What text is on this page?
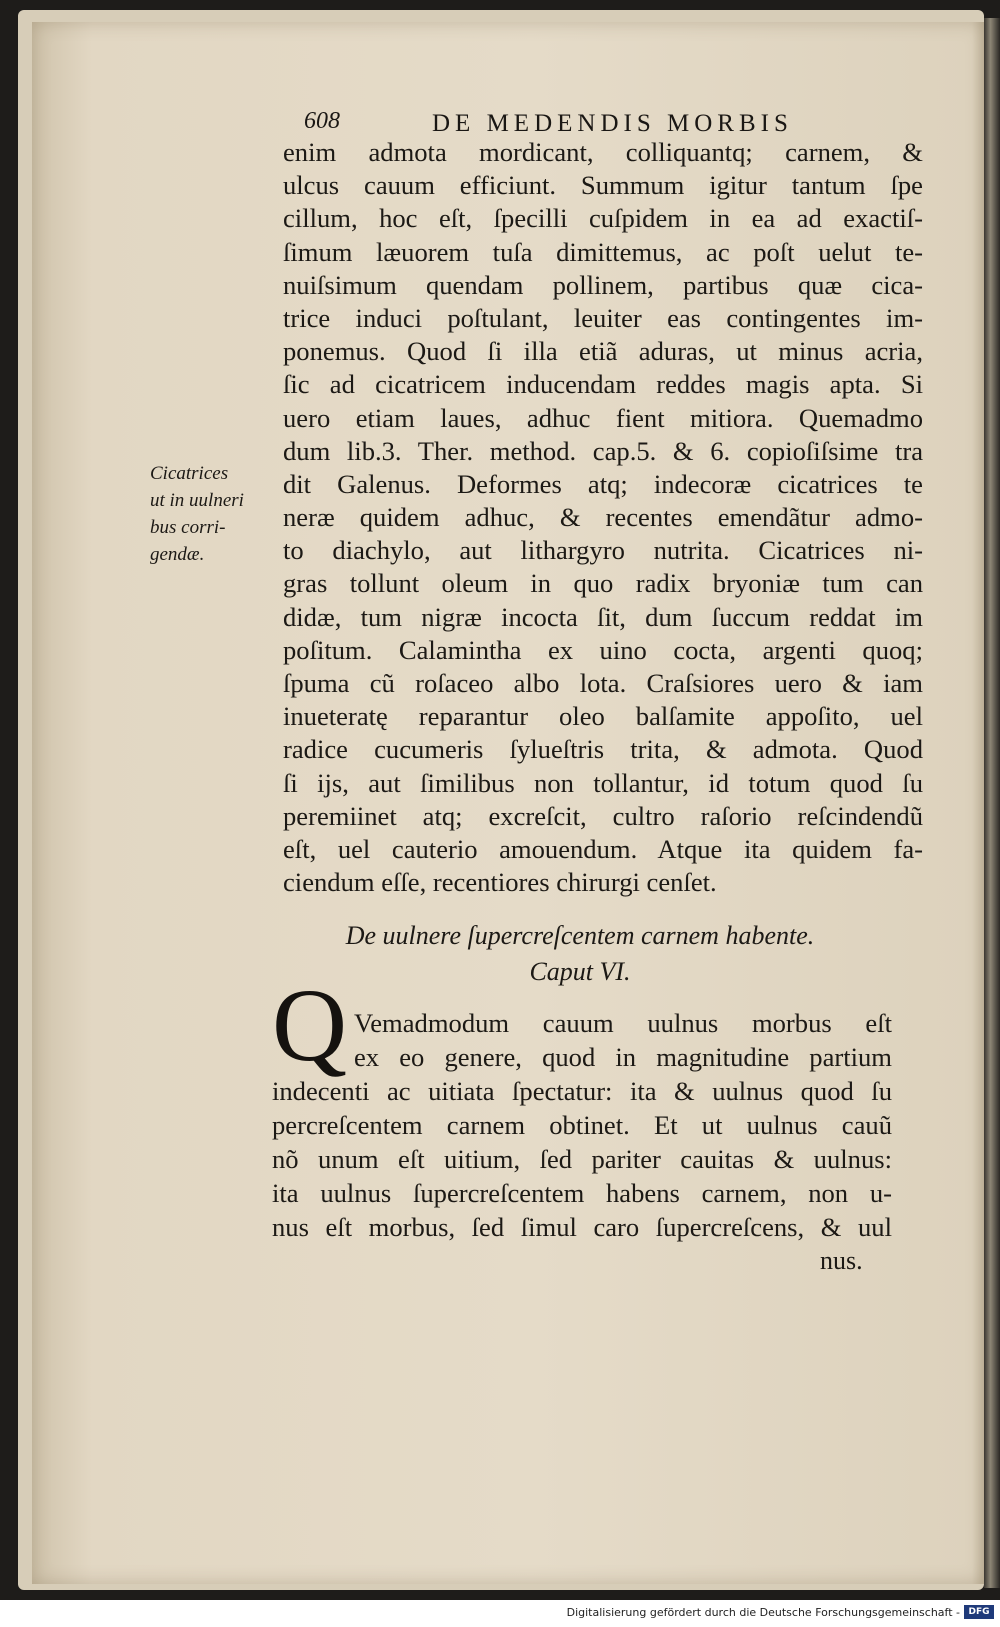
608	DE MEDENDIS MORBIS
enim admota mordicant, colliquantq; carnem, &
ulcus cauum efficiunt. Summum igitur tantum ſpe
cillum, hoc eſt, ſpecilli cuſpidem in ea ad exactiſ-
ſimum læuorem tuſa dimittemus, ac poſt uelut te-
nuiſsimum quendam pollinem, partibus quæ cica-
trice induci poſtulant, leuiter eas contingentes im-
ponemus. Quod ſi illa etiã aduras, ut minus acria,
ſic ad cicatricem inducendam reddes magis apta. Si
uero etiam laues, adhuc fient mitiora. Quemadmo
dum lib.3. Ther. method. cap.5. & 6. copioſiſsime tra
dit Galenus. Deformes atq; indecoræ cicatrices te
neræ quidem adhuc, & recentes emendãtur admo-
to diachylo, aut lithargyro nutrita. Cicatrices ni-
gras tollunt oleum in quo radix bryoniæ tum can
didæ, tum nigræ incocta ſit, dum ſuccum reddat im
poſitum. Calamintha ex uino cocta, argenti quoq;
ſpuma cũ roſaceo albo lota. Craſsiores uero & iam
inueteratę reparantur oleo balſamite appoſito, uel
radice cucumeris ſylueſtris trita, & admota. Quod
ſi ijs, aut ſimilibus non tollantur, id totum quod ſu
peremiinet atq; excreſcit, cultro raſorio reſcindendũ
eſt, uel cauterio amouendum. Atque ita quidem fa-
ciendum eſſe, recentiores chirurgi cenſet.
Cicatrices
ut in uulneri
bus corri-
gendæ.
De uulnere ſupercreſcentem carnem habente.
Caput VI.
Q Vemadmodum cauum uulnus morbus eſt
ex eo genere, quod in magnitudine partium
indecenti ac uitiata ſpectatur: ita & uulnus quod ſu
percreſcentem carnem obtinet. Et ut uulnus cauũ
nõ unum eſt uitium, ſed pariter cauitas & uulnus:
ita uulnus ſupercreſcentem habens carnem, non u-
nus eſt morbus, ſed ſimul caro ſupercreſcens, & uul
nus.
Digitalisierung gefördert durch die Deutsche Forschungsgemeinschaft - DFG
